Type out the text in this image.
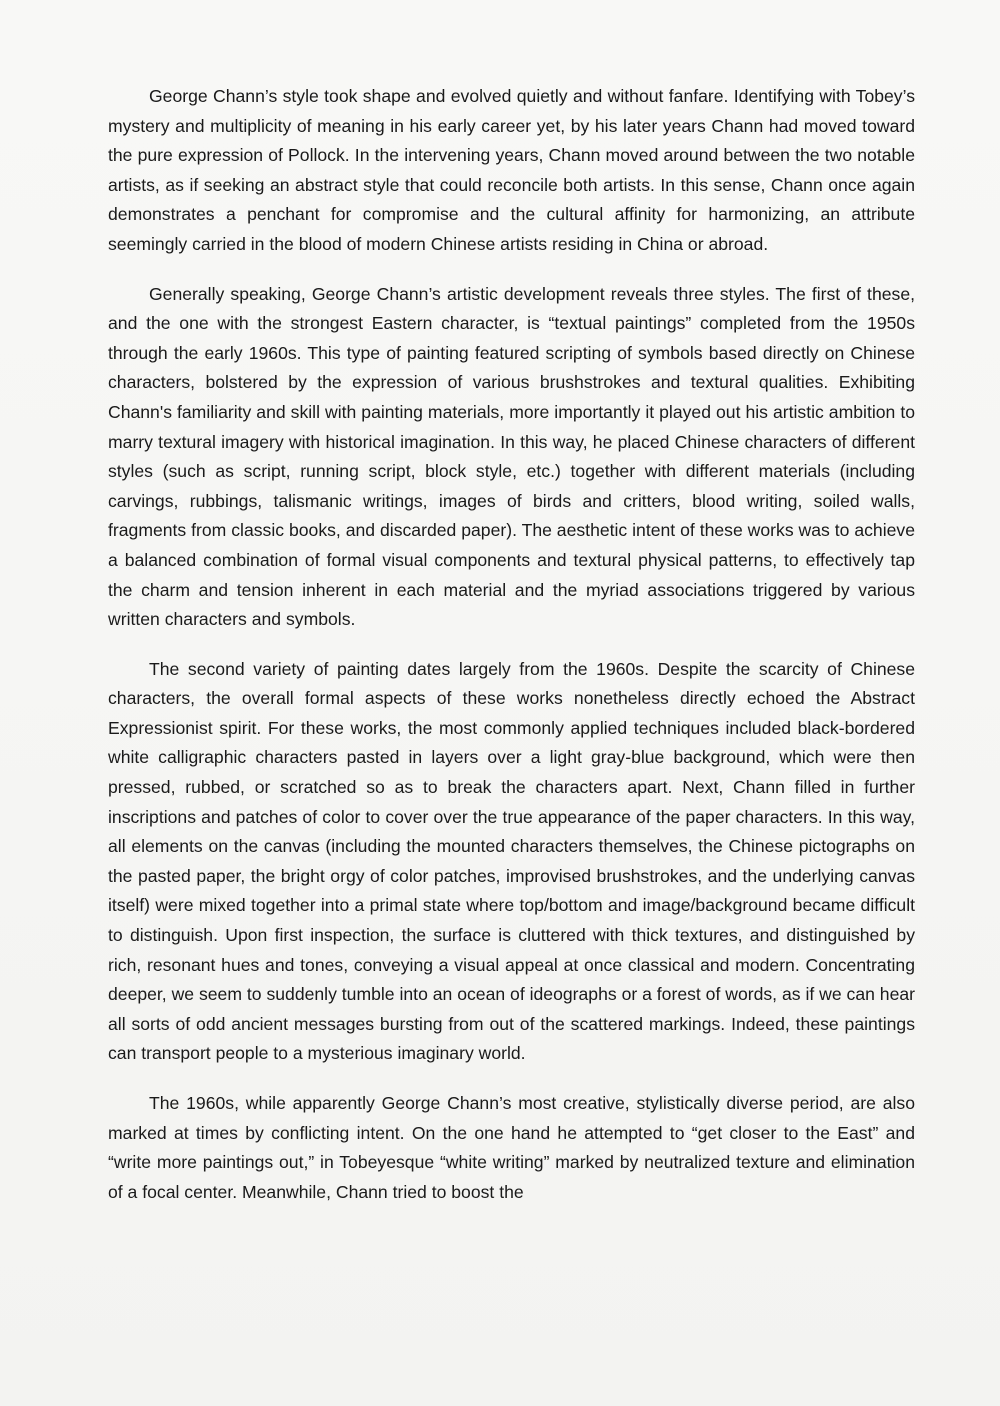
George Chann’s style took shape and evolved quietly and without fanfare. Identifying with Tobey’s mystery and multiplicity of meaning in his early career yet, by his later years Chann had moved toward the pure expression of Pollock. In the intervening years, Chann moved around between the two notable artists, as if seeking an abstract style that could reconcile both artists. In this sense, Chann once again demonstrates a penchant for compromise and the cultural affinity for harmonizing, an attribute seemingly carried in the blood of modern Chinese artists residing in China or abroad.

Generally speaking, George Chann’s artistic development reveals three styles. The first of these, and the one with the strongest Eastern character, is “textual paintings” completed from the 1950s through the early 1960s. This type of painting featured scripting of symbols based directly on Chinese characters, bolstered by the expression of various brushstrokes and textural qualities. Exhibiting Chann's familiarity and skill with painting materials, more importantly it played out his artistic ambition to marry textural imagery with historical imagination. In this way, he placed Chinese characters of different styles (such as script, running script, block style, etc.) together with different materials (including carvings, rubbings, talismanic writings, images of birds and critters, blood writing, soiled walls, fragments from classic books, and discarded paper). The aesthetic intent of these works was to achieve a balanced combination of formal visual components and textural physical patterns, to effectively tap the charm and tension inherent in each material and the myriad associations triggered by various written characters and symbols.

The second variety of painting dates largely from the 1960s. Despite the scarcity of Chinese characters, the overall formal aspects of these works nonetheless directly echoed the Abstract Expressionist spirit. For these works, the most commonly applied techniques included black-bordered white calligraphic characters pasted in layers over a light gray-blue background, which were then pressed, rubbed, or scratched so as to break the characters apart. Next, Chann filled in further inscriptions and patches of color to cover over the true appearance of the paper characters. In this way, all elements on the canvas (including the mounted characters themselves, the Chinese pictographs on the pasted paper, the bright orgy of color patches, improvised brushstrokes, and the underlying canvas itself) were mixed together into a primal state where top/bottom and image/background became difficult to distinguish. Upon first inspection, the surface is cluttered with thick textures, and distinguished by rich, resonant hues and tones, conveying a visual appeal at once classical and modern. Concentrating deeper, we seem to suddenly tumble into an ocean of ideographs or a forest of words, as if we can hear all sorts of odd ancient messages bursting from out of the scattered markings. Indeed, these paintings can transport people to a mysterious imaginary world.

The 1960s, while apparently George Chann’s most creative, stylistically diverse period, are also marked at times by conflicting intent. On the one hand he attempted to “get closer to the East” and “write more paintings out,” in Tobeyesque “white writing” marked by neutralized texture and elimination of a focal center. Meanwhile, Chann tried to boost the
